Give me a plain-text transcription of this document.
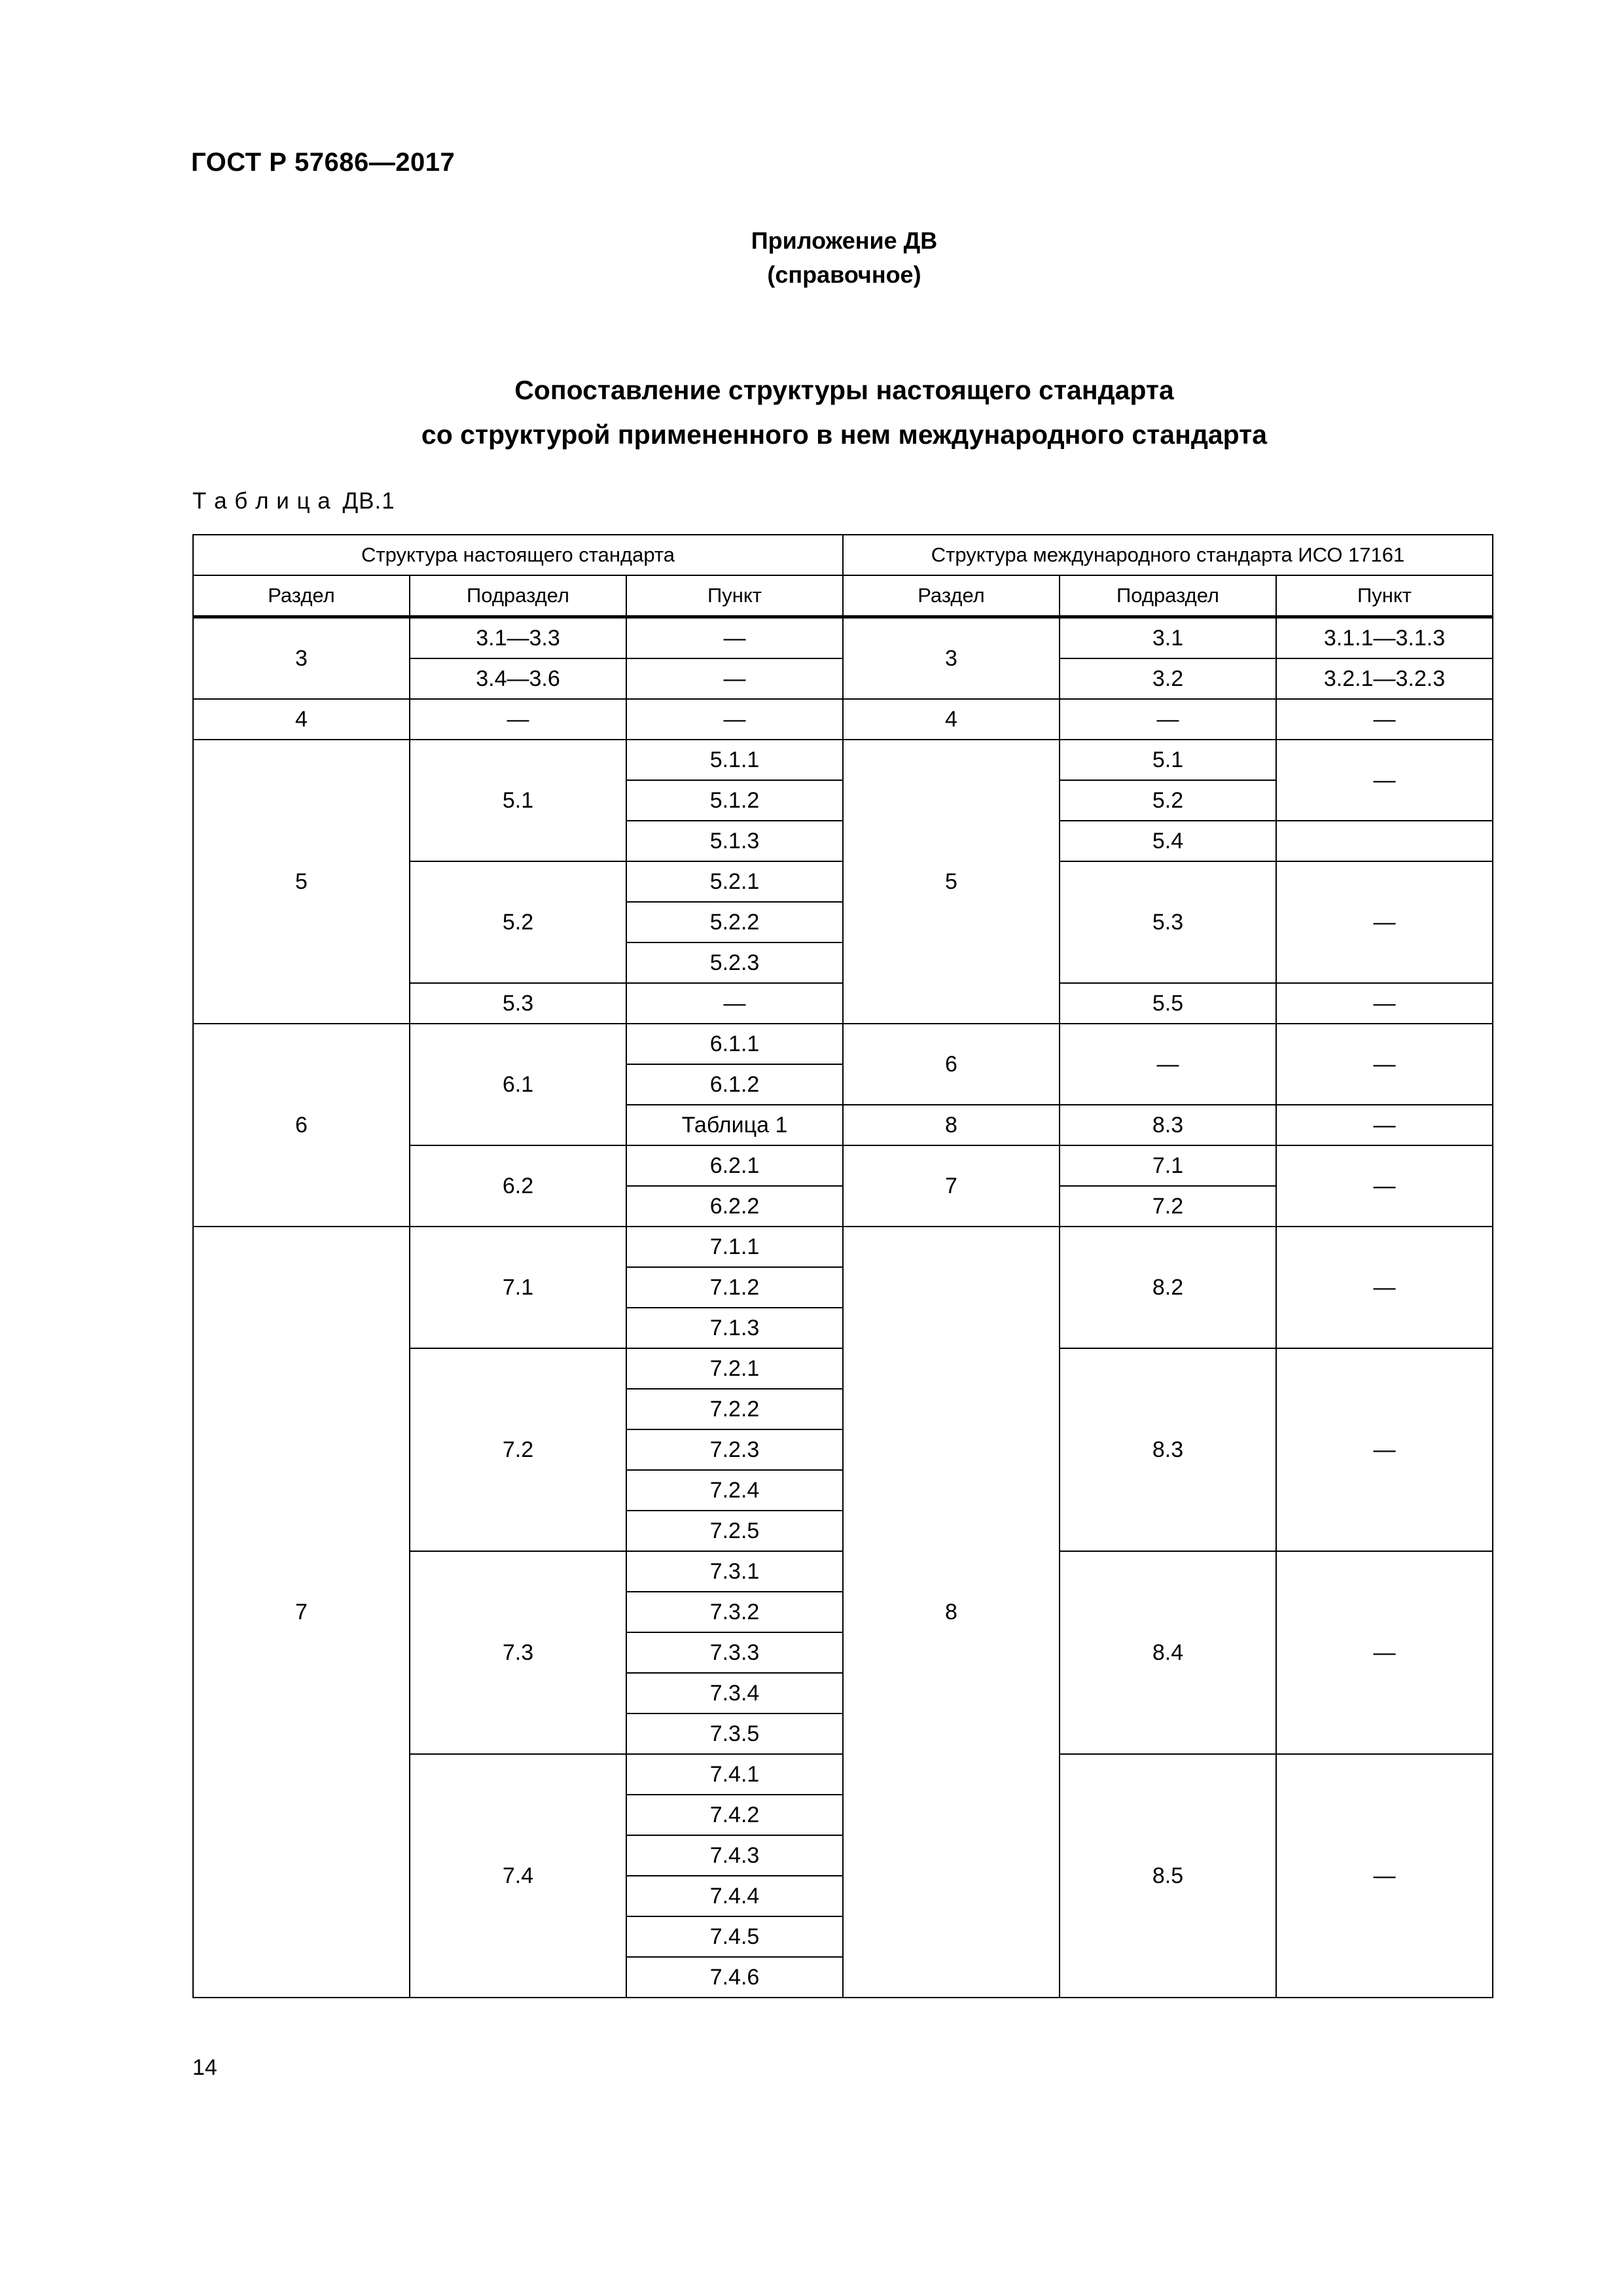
ГОСТ Р 57686—2017
Приложение ДВ
(справочное)
Сопоставление структуры настоящего стандарта
со структурой примененного в нем международного стандарта
Т а б л и ц а ДВ.1
Структура настоящего стандарта			Структура международного стандарта ИСО 17161		
Раздел	Подраздел	Пункт	Раздел	Подраздел	Пункт
3	3.1—3.3	—	3	3.1	3.1.1—3.1.3
	3.4—3.6	—		3.2	3.2.1—3.2.3
4	—	—	4	—	—
5	5.1	5.1.1	5	5.1	—
		5.1.2		5.2	
		5.1.3		5.4	
	5.2	5.2.1		5.3	—
		5.2.2			
		5.2.3			
	5.3	—		5.5	—
6	6.1	6.1.1	6	—	—
		6.1.2			
		Таблица 1	8	8.3	—
	6.2	6.2.1	7	7.1	—
		6.2.2		7.2	
7	7.1	7.1.1	8	8.2	—
		7.1.2			
		7.1.3			
	7.2	7.2.1		8.3	—
		7.2.2			
		7.2.3			
		7.2.4			
		7.2.5			
	7.3	7.3.1		8.4	—
		7.3.2			
		7.3.3			
		7.3.4			
		7.3.5			
	7.4	7.4.1		8.5	—
		7.4.2			
		7.4.3			
		7.4.4			
		7.4.5			
		7.4.6			
14
